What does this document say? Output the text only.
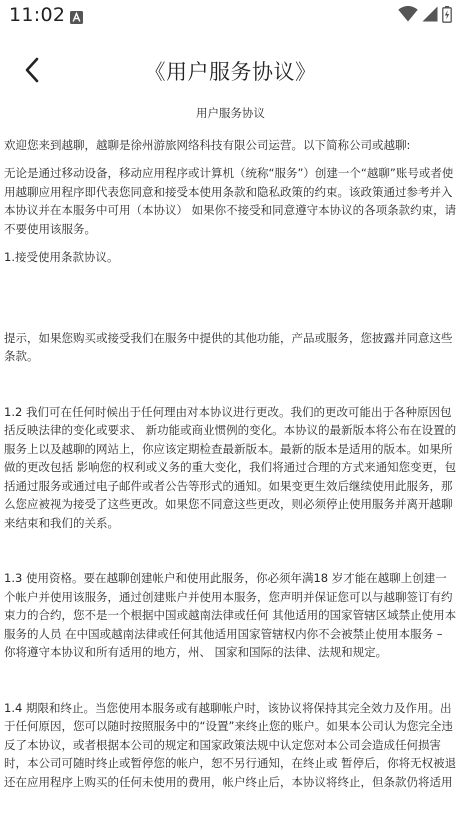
11:02
《用户服务协议》
用户服务协议

欢迎您来到越聊，越聊是徐州游旅网络科技有限公司运营。以下简称公司或越聊:

无论是通过移动设备，移动应用程序或计算机（统称“服务”）创建一个“越聊”账号或者使用越聊应用程序即代表您同意和接受本使用条款和隐私政策的约束。该政策通过参考并入本协议并在本服务中可用（本协议） 如果你不接受和同意遵守本协议的各项条款约束，请不要使用该服务。

1.接受使用条款协议。

提示，如果您购买或接受我们在服务中提供的其他功能，产品或服务，您披露并同意这些条款。

1.2 我们可在任何时候出于任何理由对本协议进行更改。我们的更改可能出于各种原因包括反映法律的变化或要求、 新功能或商业惯例的变化。本协议的最新版本将公布在设置的服务上以及越聊的网站上，你应该定期检查最新版本。最新的版本是适用的版本。如果所做的更改包括 影响您的权利或义务的重大变化，我们将通过合理的方式来通知您变更，包括通过服务或通过电子邮件或者公告等形式的通知。如果变更生效后继续使用此服务，那 么您应被视为接受了这些更改。如果您不同意这些更改，则必须停止使用服务并离开越聊来结束和我们的关系。

1.3 使用资格。要在越聊创建帐户和使用此服务，你必须年满18 岁才能在越聊上创建一个帐户并使用该服务，通过创建账户并使用本服务，您声明并保证您可以与越聊签订有约束力的合约，您不是一个根据中国或越南法律或任何 其他适用的国家管辖区域禁止使用本服务的人员 在中国或越南法律或任何其他适用国家管辖权内你不会被禁止使用本服务 – 你将遵守本协议和所有适用的地方，州、 国家和国际的法律、法规和规定。

1.4 期限和终止。当您使用本服务或有越聊帐户时，该协议将保持其完全效力及作用。出于任何原因，您可以随时按照服务中的“设置”来终止您的账户。如果本公司认为您完全违反了本协议，或者根据本公司的规定和国家政策法规中认定您对本公司会造成任何损害时，本公司可随时终止或暂停您的帐户，恕不另行通知，在终止或 暂停后，你将无权被退还在应用程序上购买的任何未使用的费用，帐户终止后，本协议将终止，但条款仍将适用
